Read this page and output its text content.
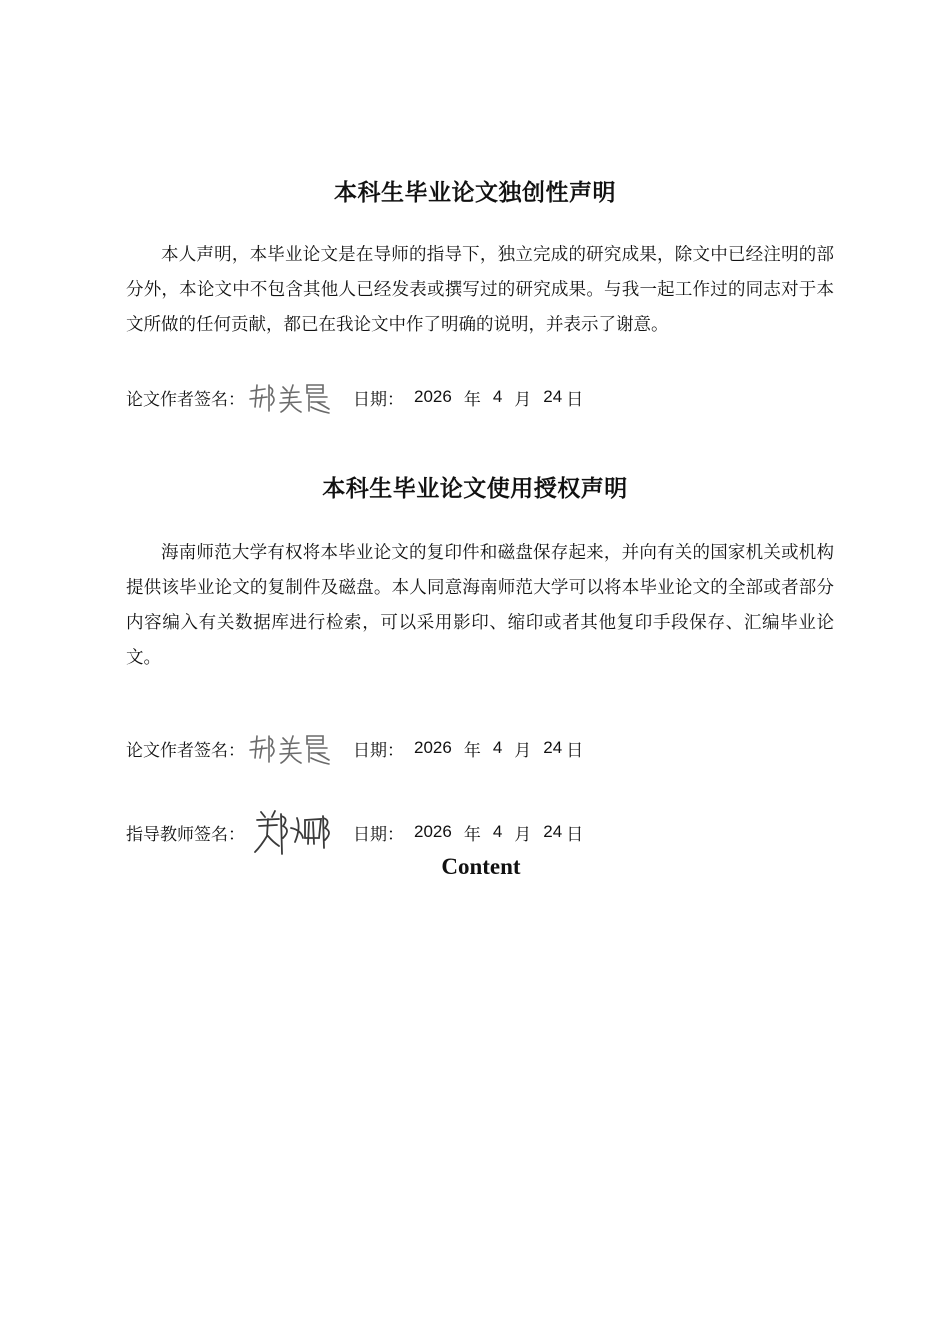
本科生毕业论文独创性声明

本人声明，本毕业论文是在导师的指导下，独立完成的研究成果，除文中已经注明的部分外，本论文中不包含其他人已经发表或撰写过的研究成果。与我一起工作过的同志对于本文所做的任何贡献，都已在我论文中作了明确的说明，并表示了谢意。

论文作者签名：	日期： 2026 年 4 月 24 日
本科生毕业论文使用授权声明

海南师范大学有权将本毕业论文的复印件和磁盘保存起来，并向有关的国家机关或机构提供该毕业论文的复制件及磁盘。本人同意海南师范大学可以将本毕业论文的全部或者部分内容编入有关数据库进行检索，可以采用影印、缩印或者其他复印手段保存、汇编毕业论文。

论文作者签名：	日期： 2026 年 4 月 24 日
指导教师签名：	日期： 2026 年 4 月 24 日
Content
